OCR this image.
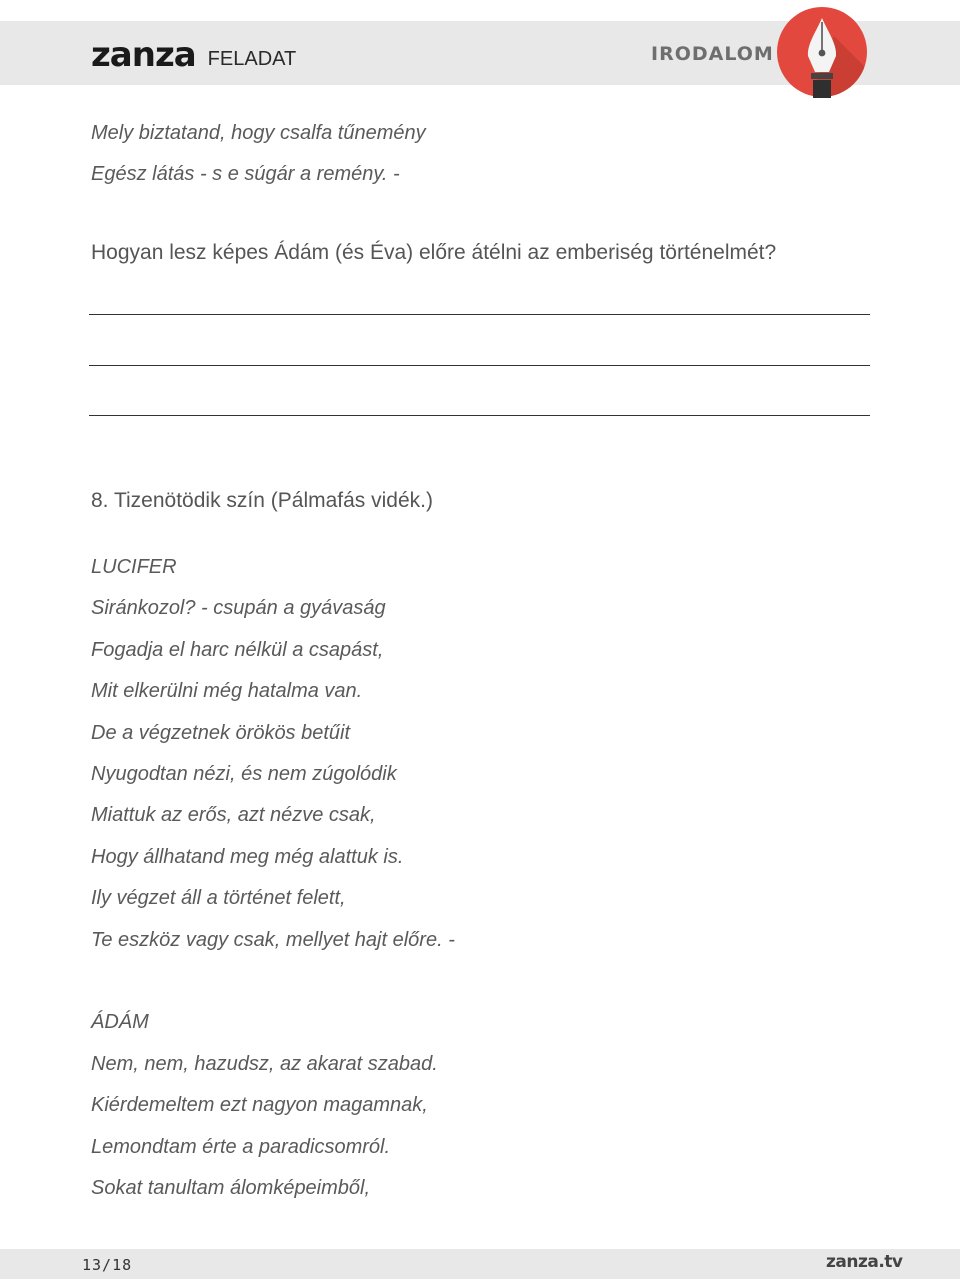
zanza FELADAT	IRODALOM
Mely biztatand, hogy csalfa tűnemény
Egész látás - s e súgár a remény. -
Hogyan lesz képes Ádám (és Éva) előre átélni az emberiség történelmét?
8. Tizenötödik szín (Pálmafás vidék.)
LUCIFER
Siránkozol? - csupán a gyávaság
Fogadja el harc nélkül a csapást,
Mit elkerülni még hatalma van.
De a végzetnek örökös betűit
Nyugodtan nézi, és nem zúgolódik
Miattuk az erős, azt nézve csak,
Hogy állhatand meg még alattuk is.
Ily végzet áll a történet felett,
Te eszköz vagy csak, mellyet hajt előre. -
ÁDÁM
Nem, nem, hazudsz, az akarat szabad.
Kiérdemeltem ezt nagyon magamnak,
Lemondtam érte a paradicsomról.
Sokat tanultam álomképeimből,
13/18	zanza.tv
